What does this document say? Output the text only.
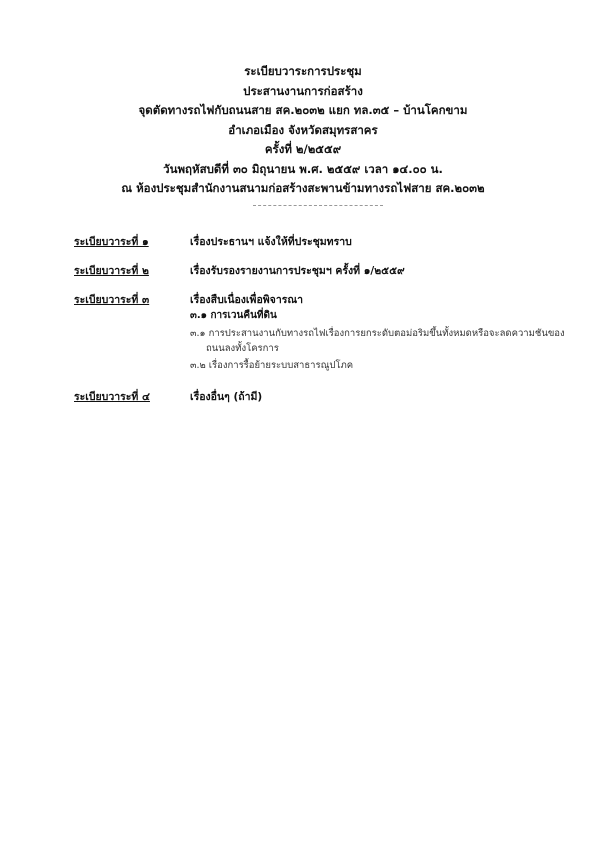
ระเบียบวาระการประชุม
ประสานงานการก่อสร้าง
จุดตัดทางรถไฟกับถนนสาย สค.๒๐๓๒ แยก ทล.๓๕ – บ้านโคกขาม
อำเภอเมือง จังหวัดสมุทรสาคร
ครั้งที่ ๒/๒๕๕๙
วันพฤหัสบดีที่ ๓๐ มิถุนายน พ.ศ. ๒๕๕๙ เวลา ๑๔.๐๐ น.
ณ ห้องประชุมสำนักงานสนามก่อสร้างสะพานข้ามทางรถไฟสาย สค.๒๐๓๒
ระเบียบวาระที่ ๑	เรื่องประธานฯ แจ้งให้ที่ประชุมทราบ
ระเบียบวาระที่ ๒	เรื่องรับรองรายงานการประชุมฯ ครั้งที่ ๑/๒๕๕๙
ระเบียบวาระที่ ๓	เรื่องสืบเนื่องเพื่อพิจารณา
๓.๑ การเวนคืนที่ดิน
๓.๑ การประสานงานกับทางรถไฟเรื่องการยกระดับตอม่อริมขึ้นทั้งหมดหรือจะลดความชันของ
ถนนลงทั้งโครการ
๓.๒ เรื่องการรื้อย้ายระบบสาธารณูปโภค
ระเบียบวาระที่ ๔	เรื่องอื่นๆ (ถ้ามี)
